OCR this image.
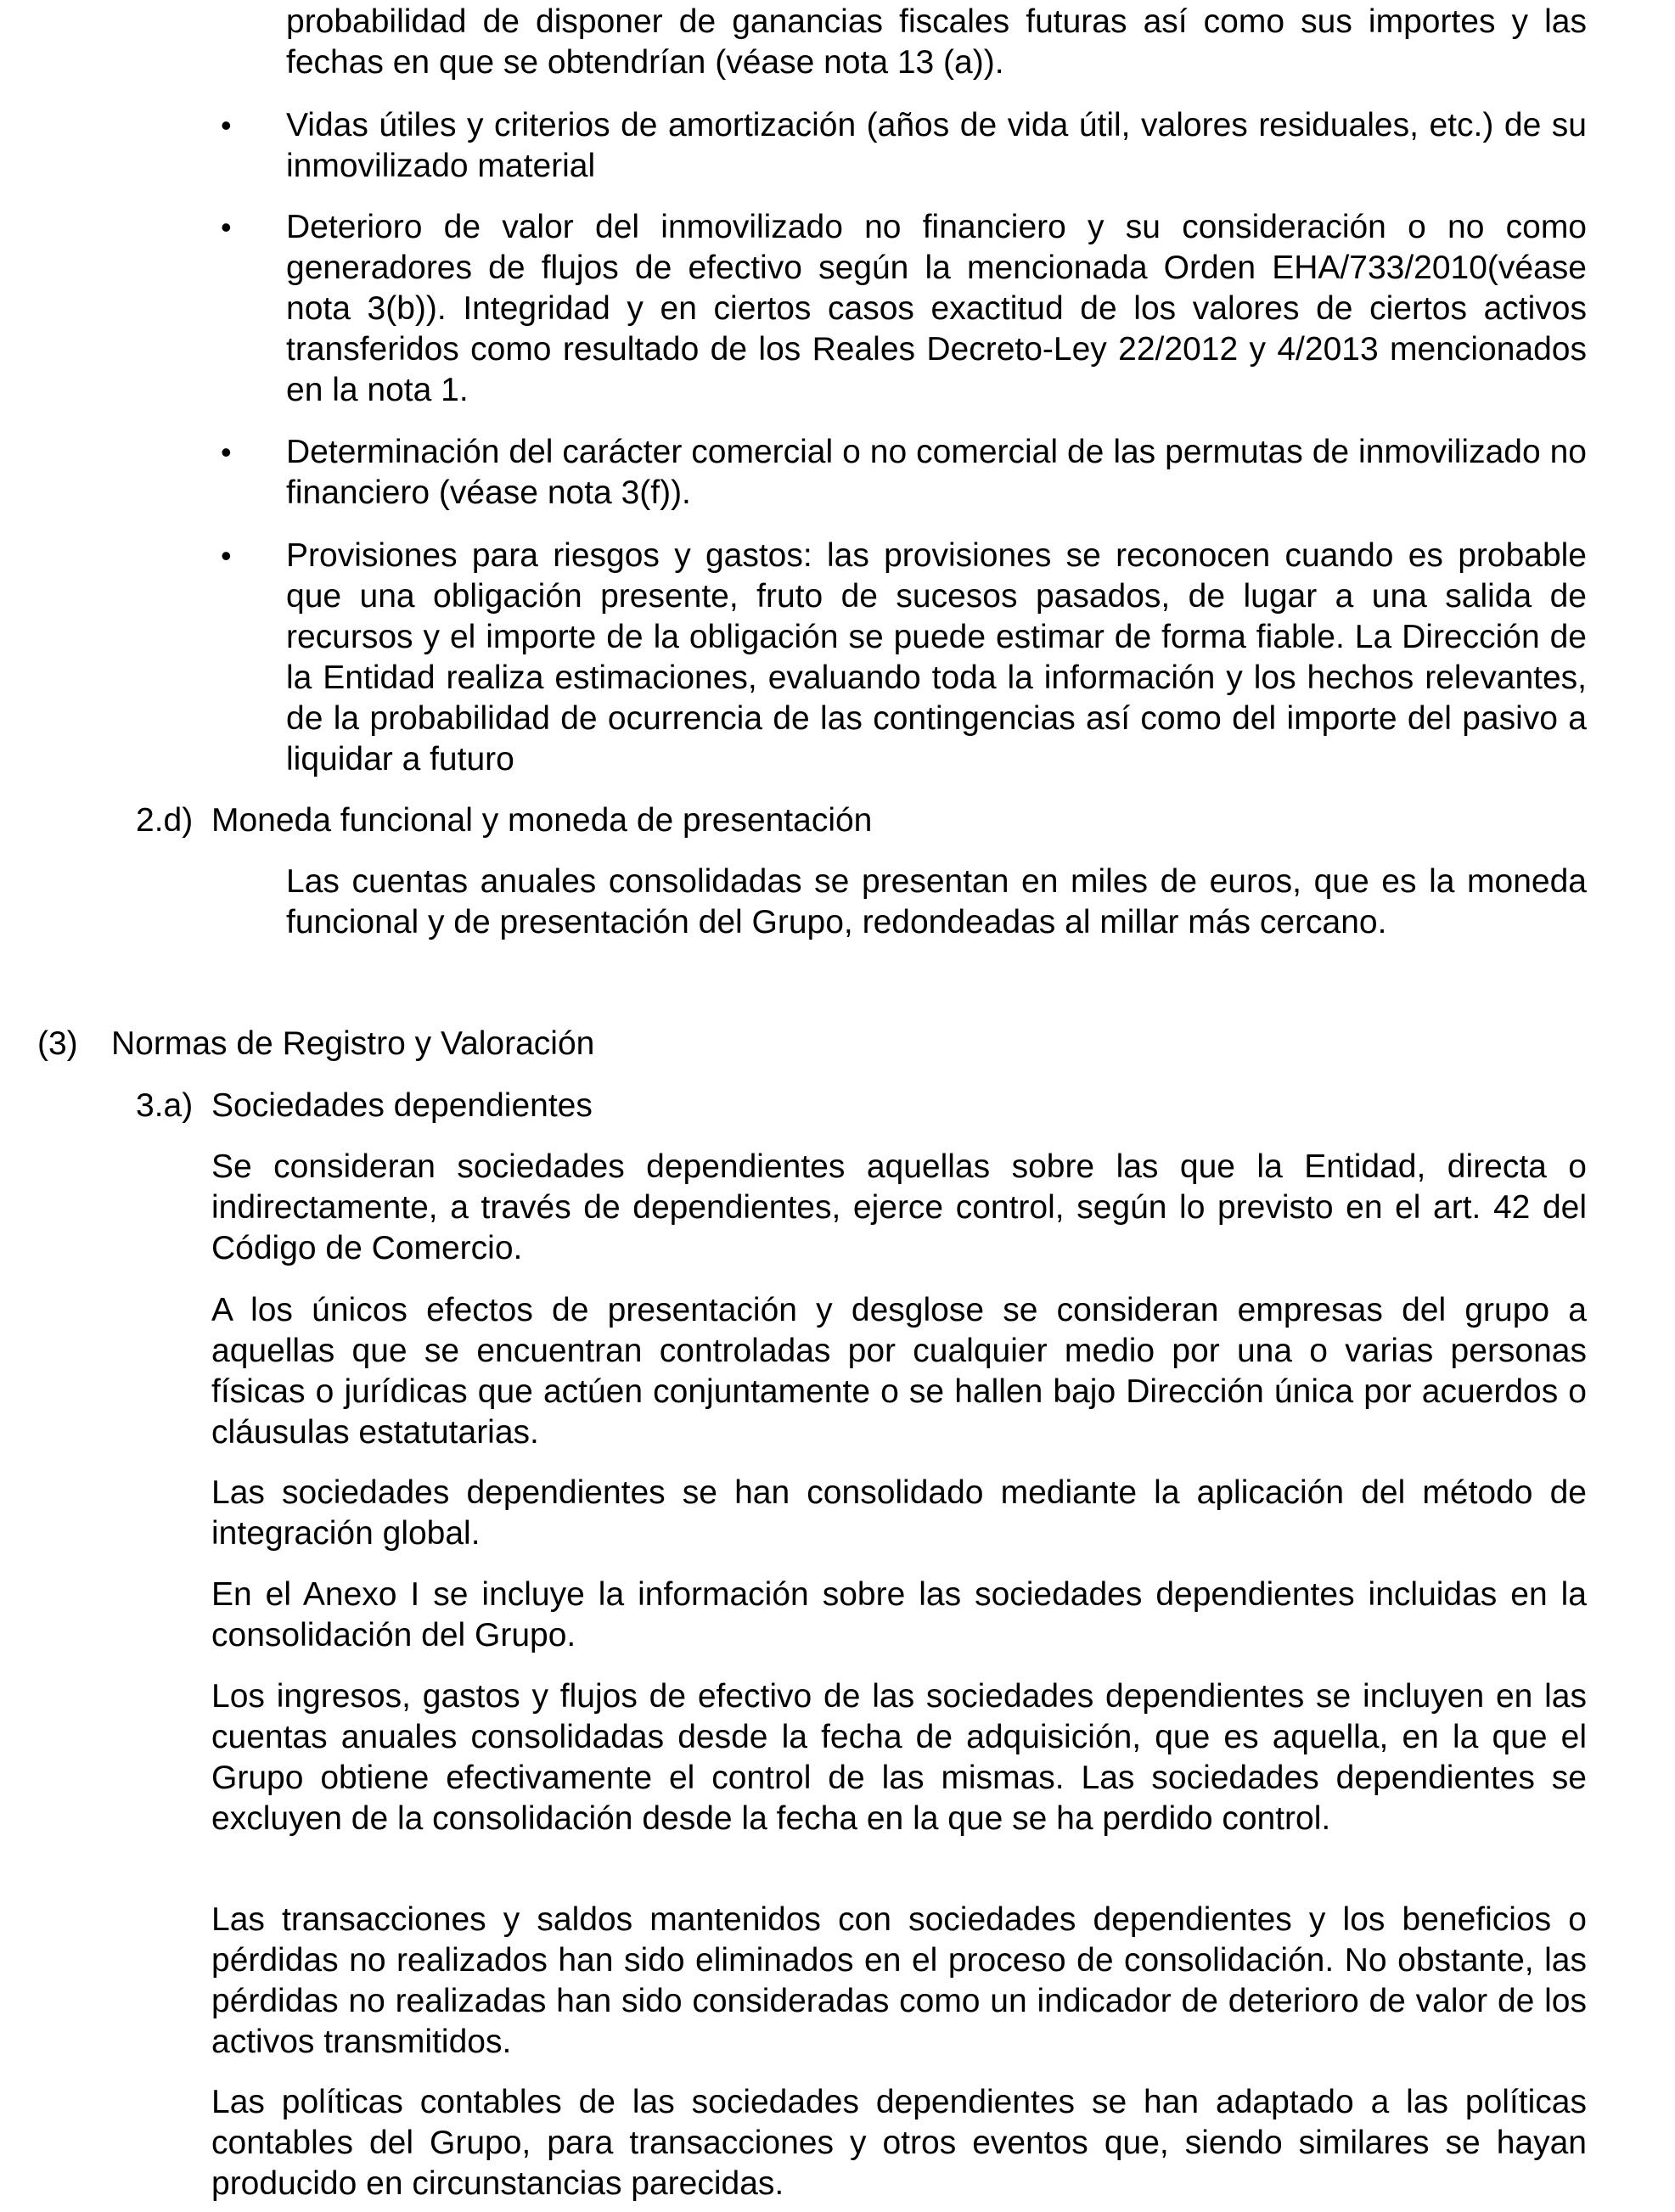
probabilidad de disponer de ganancias fiscales futuras así como sus importes y las fechas en que se obtendrían (véase nota 13 (a)).

• Vidas útiles y criterios de amortización (años de vida útil, valores residuales, etc.) de su inmovilizado material

• Deterioro de valor del inmovilizado no financiero y su consideración o no como generadores de flujos de efectivo según la mencionada Orden EHA/733/2010(véase nota 3(b)). Integridad y en ciertos casos exactitud de los valores de ciertos activos transferidos como resultado de los Reales Decreto-Ley 22/2012 y 4/2013 mencionados en la nota 1.

• Determinación del carácter comercial o no comercial de las permutas de inmovilizado no financiero (véase nota 3(f)).

• Provisiones para riesgos y gastos: las provisiones se reconocen cuando es probable que una obligación presente, fruto de sucesos pasados, de lugar a una salida de recursos y el importe de la obligación se puede estimar de forma fiable. La Dirección de la Entidad realiza estimaciones, evaluando toda la información y los hechos relevantes, de la probabilidad de ocurrencia de las contingencias así como del importe del pasivo a liquidar a futuro

2.d) Moneda funcional y moneda de presentación

Las cuentas anuales consolidadas se presentan en miles de euros, que es la moneda funcional y de presentación del Grupo, redondeadas al millar más cercano.

(3) Normas de Registro y Valoración

3.a) Sociedades dependientes

Se consideran sociedades dependientes aquellas sobre las que la Entidad, directa o indirectamente, a través de dependientes, ejerce control, según lo previsto en el art. 42 del Código de Comercio.

A los únicos efectos de presentación y desglose se consideran empresas del grupo a aquellas que se encuentran controladas por cualquier medio por una o varias personas físicas o jurídicas que actúen conjuntamente o se hallen bajo Dirección única por acuerdos o cláusulas estatutarias.

Las sociedades dependientes se han consolidado mediante la aplicación del método de integración global.

En el Anexo I se incluye la información sobre las sociedades dependientes incluidas en la consolidación del Grupo.

Los ingresos, gastos y flujos de efectivo de las sociedades dependientes se incluyen en las cuentas anuales consolidadas desde la fecha de adquisición, que es aquella, en la que el Grupo obtiene efectivamente el control de las mismas. Las sociedades dependientes se excluyen de la consolidación desde la fecha en la que se ha perdido control.

Las transacciones y saldos mantenidos con sociedades dependientes y los beneficios o pérdidas no realizados han sido eliminados en el proceso de consolidación. No obstante, las pérdidas no realizadas han sido consideradas como un indicador de deterioro de valor de los activos transmitidos.

Las políticas contables de las sociedades dependientes se han adaptado a las políticas contables del Grupo, para transacciones y otros eventos que, siendo similares se hayan producido en circunstancias parecidas.
